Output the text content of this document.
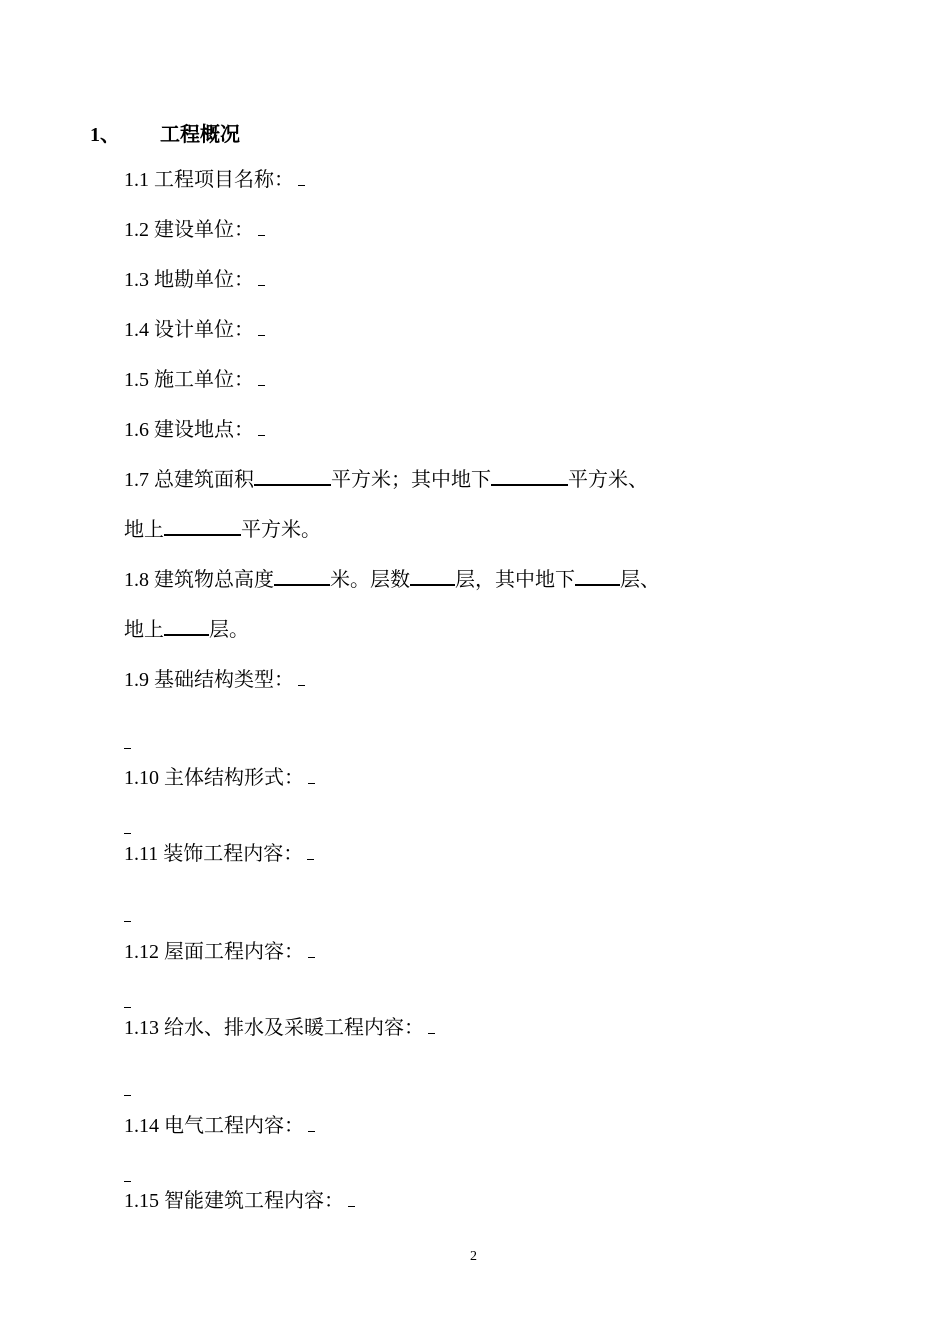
1、 工程概况
1.1 工程项目名称：
1.2 建设单位：
1.3 地勘单位：
1.4 设计单位：
1.5 施工单位：
1.6 建设地点：
1.7 总建筑面积	平方米；其中地下	平方米、
地上	平方米。
1.8 建筑物总高度	米。层数 层，其中地下 层、
地上 层。
1.9 基础结构类型：
1.10 主体结构形式：
1.11 装饰工程内容：
1.12 屋面工程内容：
1.13 给水、排水及采暖工程内容：
1.14 电气工程内容：
1.15 智能建筑工程内容：
2
